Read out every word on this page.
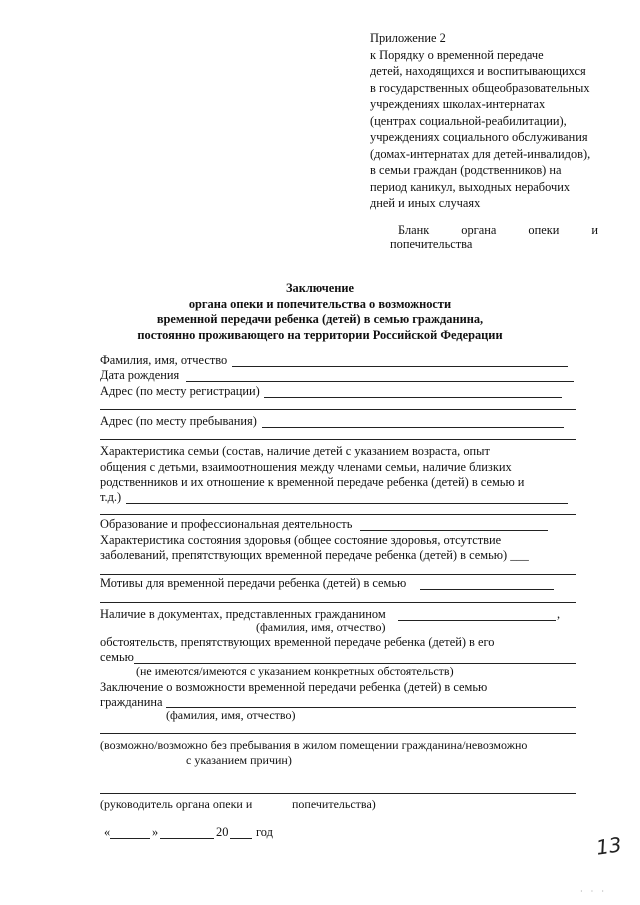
Приложение 2
к Порядку о временной передаче
детей, находящихся и воспитывающихся
в государственных общеобразовательных
учреждениях школах-интернатах
(центрах социальной-реабилитации),
учреждениях социального обслуживания
(домах-интернатах для детей-инвалидов),
в семьи граждан (родственников) на
период каникул, выходных нерабочих
дней и иных случаях
Бланк	органа	опеки	и
попечительства
Заключение
органа опеки и попечительства о возможности
временной передачи ребенка (детей) в семью гражданина,
постоянно проживающего на территории Российской Федерации
Фамилия, имя, отчество
Дата рождения
Адрес (по месту регистрации)
Адрес (по месту пребывания)
Характеристика семьи (состав, наличие детей с указанием возраста, опыт
общения с детьми, взаимоотношения между членами семьи, наличие близких
родственников и их отношение к временной передаче ребенка (детей) в семью и
т.д.)
Образование и профессиональная деятельность
Характеристика состояния здоровья (общее состояние здоровья, отсутствие
заболеваний, препятствующих временной передаче ребенка (детей) в семью) ___
Мотивы для временной передачи ребенка (детей) в семью
Наличие в документах, представленных гражданином	,
(фамилия, имя, отчество)
обстоятельств, препятствующих временной передаче ребенка (детей) в его
семью
(не имеются/имеются с указанием конкретных обстоятельств)
Заключение о возможности временной передачи ребенка (детей) в семью
гражданина
(фамилия, имя, отчество)
(возможно/возможно без пребывания в жилом помещении гражданина/невозможно
с указанием причин)
(руководитель органа опеки и	попечительства)
«	»	20 год
13
· · ·
